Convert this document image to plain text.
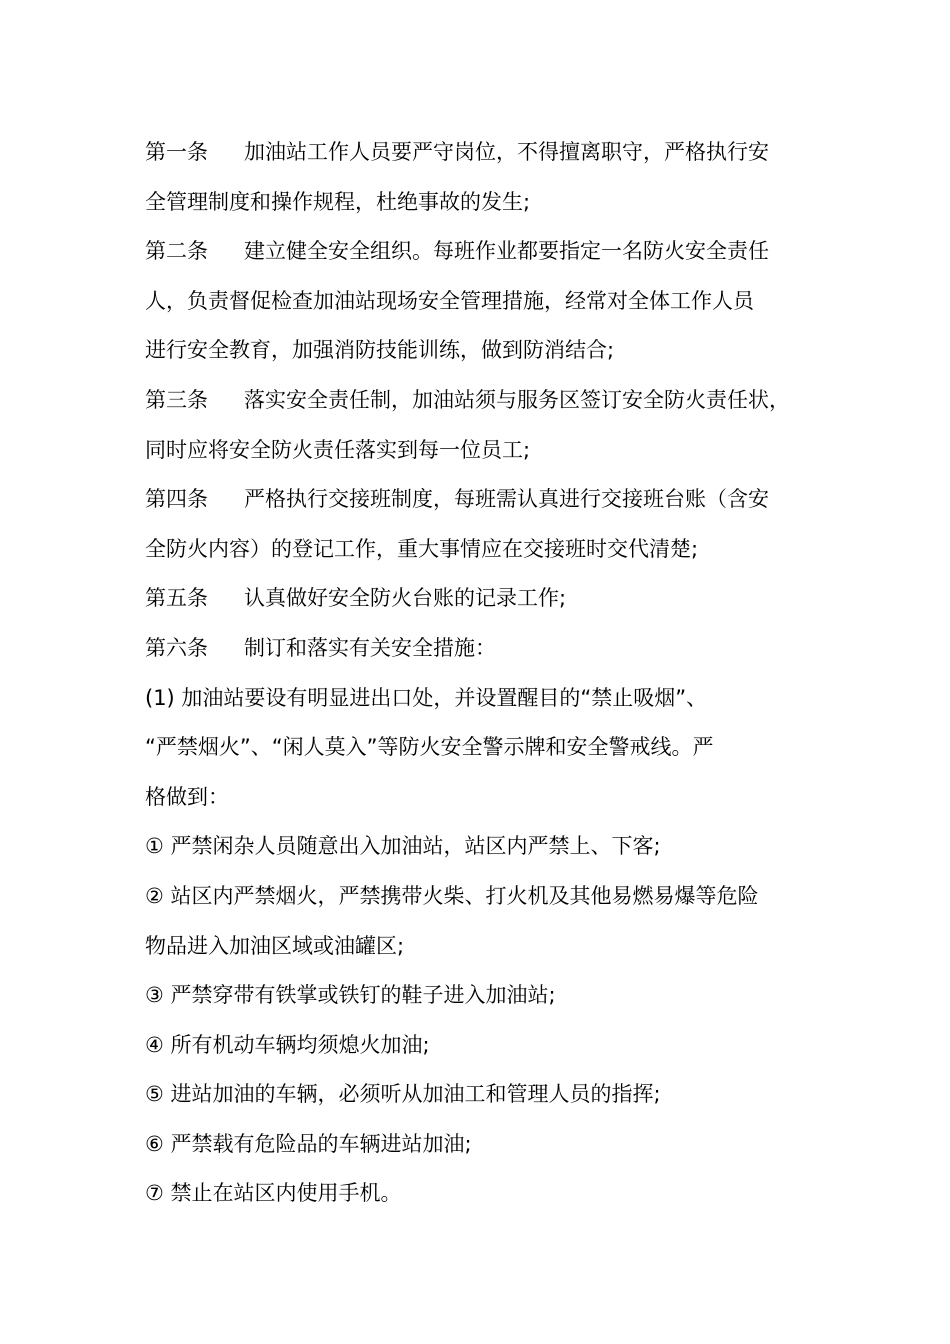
第一条 加油站工作人员要严守岗位，不得擅离职守，严格执行安

全管理制度和操作规程，杜绝事故的发生;

第二条 建立健全安全组织。每班作业都要指定一名防火安全责任

人，负责督促检查加油站现场安全管理措施，经常对全体工作人员

进行安全教育，加强消防技能训练，做到防消结合;

第三条 落实安全责任制，加油站须与服务区签订安全防火责任状，

同时应将安全防火责任落实到每一位员工;

第四条 严格执行交接班制度，每班需认真进行交接班台账（含安

全防火内容）的登记工作，重大事情应在交接班时交代清楚;

第五条 认真做好安全防火台账的记录工作;

第六条 制订和落实有关安全措施：

(1) 加油站要设有明显进出口处，并设置醒目的“禁止吸烟”、

“严禁烟火”、“闲人莫入”等防火安全警示牌和安全警戒线。严

格做到：

① 严禁闲杂人员随意出入加油站，站区内严禁上、下客;

② 站区内严禁烟火，严禁携带火柴、打火机及其他易燃易爆等危险

物品进入加油区域或油罐区;

③ 严禁穿带有铁掌或铁钉的鞋子进入加油站;

④ 所有机动车辆均须熄火加油;

⑤ 进站加油的车辆，必须听从加油工和管理人员的指挥;

⑥ 严禁载有危险品的车辆进站加油;

⑦ 禁止在站区内使用手机。
